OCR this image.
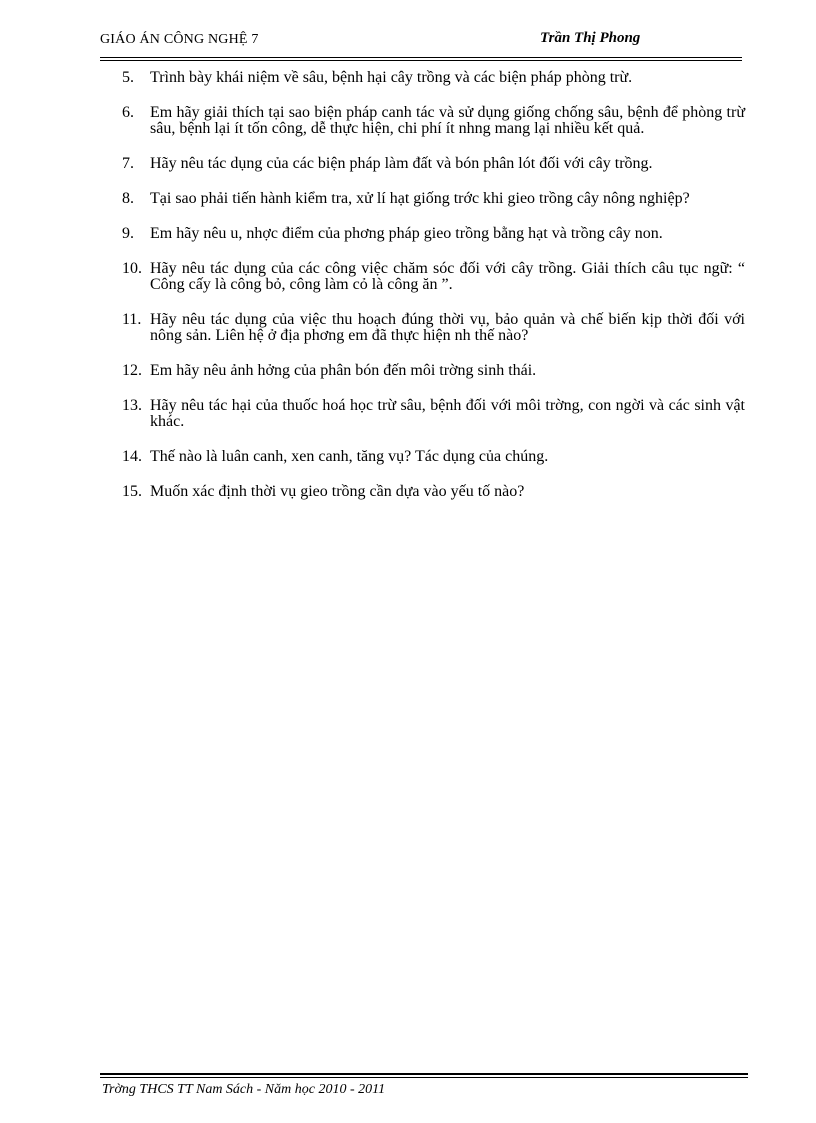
GIÁO ÁN CÔNG NGHỆ 7	Trần Thị Phong
5.	Trình bày khái niệm về sâu, bệnh hại cây trồng và các biện pháp phòng trừ.
6.	Em hãy giải thích tại sao biện pháp canh tác và sử dụng giống chống sâu, bệnh để phòng trừ sâu, bệnh lại ít tốn công, dễ thực hiện, chi phí ít nhng mang lại nhiều kết quả.
7.	Hãy nêu tác dụng của các biện pháp làm đất và bón phân lót đối với cây trồng.
8.	Tại sao phải tiến hành kiểm tra, xử lí hạt giống trớc khi gieo trồng cây nông nghiệp?
9.	Em hãy nêu u, nhợc điểm của phơng pháp gieo trồng bằng hạt và trồng cây non.
10. Hãy nêu tác dụng của các công việc chăm sóc đối với cây trồng. Giải thích câu tục ngữ: “ Công cấy là công bỏ, công làm cỏ là công ăn ”.
11. Hãy nêu tác dụng của việc thu hoạch đúng thời vụ, bảo quản và chế biến kịp thời đối với nông sản. Liên hệ ở địa phơng em đã thực hiện nh thế nào?
12. Em hãy nêu ảnh hởng của phân bón đến môi trờng sinh thái.
13. Hãy nêu tác hại của thuốc hoá học trừ sâu, bệnh đối với môi trờng, con ngời và các sinh vật khác.
14. Thế nào là luân canh, xen canh, tăng vụ? Tác dụng của chúng.
15. Muốn xác định thời vụ gieo trồng cần dựa vào yếu tố nào?
Trờng THCS TT Nam Sách - Năm học 2010 - 2011
